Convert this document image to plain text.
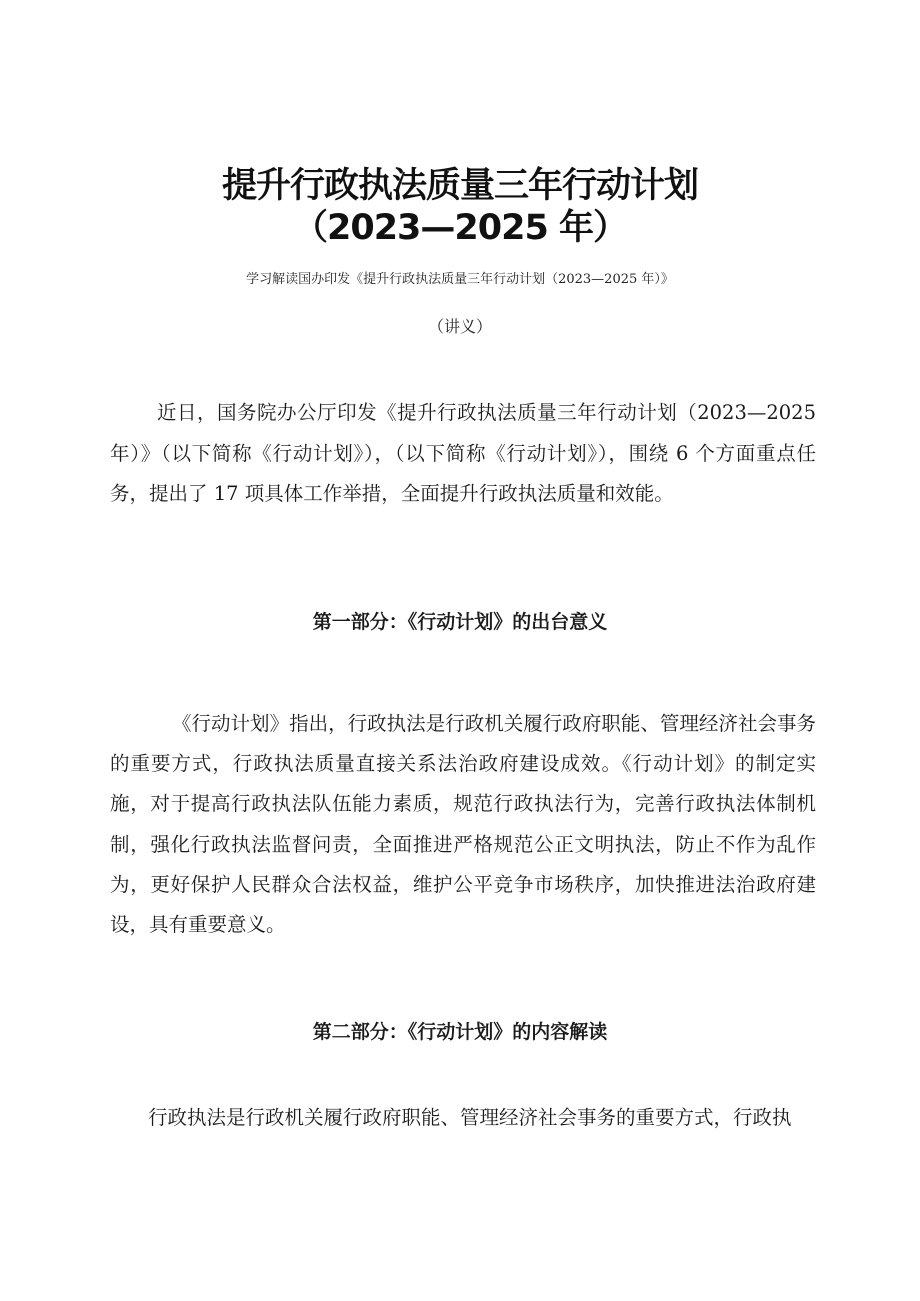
提升行政执法质量三年行动计划
（2023—2025 年）
学习解读国办印发《提升行政执法质量三年行动计划（2023—2025 年）》
（讲义）

近日，国务院办公厅印发《提升行政执法质量三年行动计划（2023—2025 年）》（以下简称《行动计划》），（以下简称《行动计划》），围绕 6 个方面重点任务，提出了 17 项具体工作举措，全面提升行政执法质量和效能。

第一部分：《行动计划》的出台意义

《行动计划》指出，行政执法是行政机关履行政府职能、管理经济社会事务的重要方式，行政执法质量直接关系法治政府建设成效。《行动计划》的制定实施，对于提高行政执法队伍能力素质，规范行政执法行为，完善行政执法体制机制，强化行政执法监督问责，全面推进严格规范公正文明执法，防止不作为乱作为，更好保护人民群众合法权益，维护公平竞争市场秩序，加快推进法治政府建设，具有重要意义。

第二部分：《行动计划》的内容解读

行政执法是行政机关履行政府职能、管理经济社会事务的重要方式，行政执
